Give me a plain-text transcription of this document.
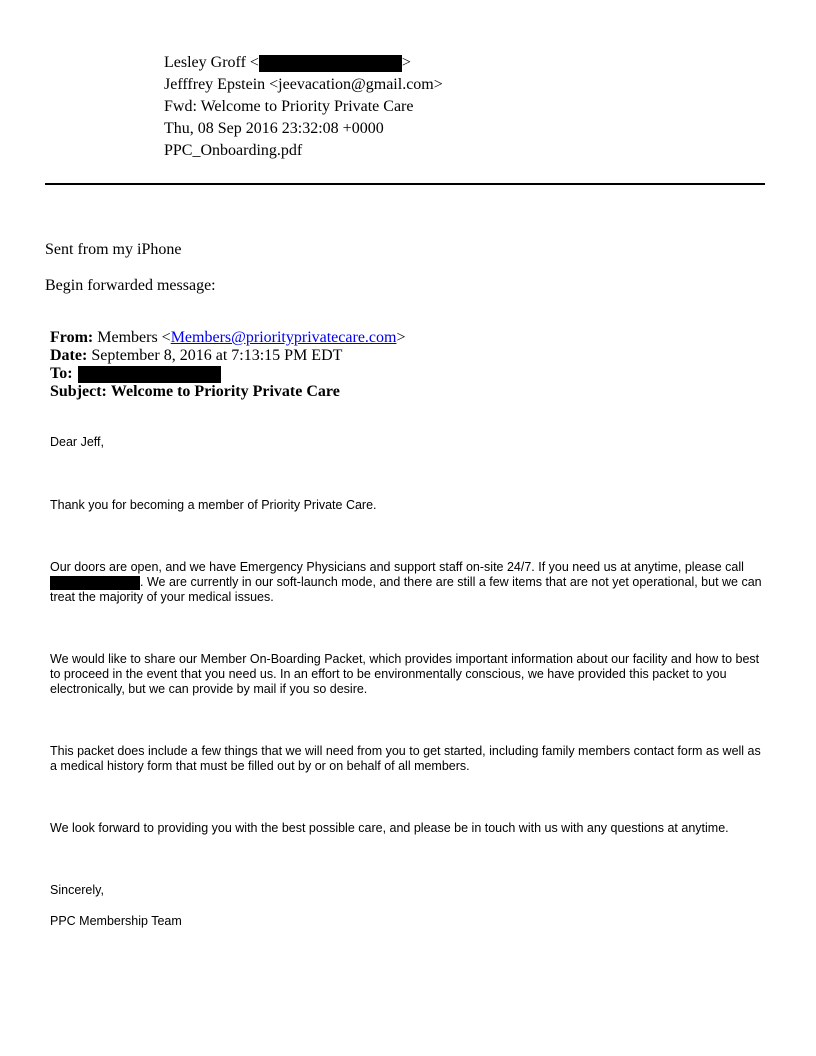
Lesley Groff <	>
Jefffrey Epstein <jeevacation@gmail.com>
Fwd: Welcome to Priority Private Care
Thu, 08 Sep 2016 23:32:08 +0000
PPC_Onboarding.pdf
Sent from my iPhone
Begin forwarded message:
From: Members <Members@priorityprivatecare.com>
Date: September 8, 2016 at 7:13:15 PM EDT
To:
Subject: Welcome to Priority Private Care
Dear Jeff,
Thank you for becoming a member of Priority Private Care.
Our doors are open, and we have Emergency Physicians and support staff on-site 24/7. If you need us at anytime, please call . We are currently in our soft-launch mode, and there are still a few items that are not yet operational, but we can treat the majority of your medical issues.
We would like to share our Member On-Boarding Packet, which provides important information about our facility and how to best to proceed in the event that you need us. In an effort to be environmentally conscious, we have provided this packet to you electronically, but we can provide by mail if you so desire.
This packet does include a few things that we will need from you to get started, including family members contact form as well as a medical history form that must be filled out by or on behalf of all members.
We look forward to providing you with the best possible care, and please be in touch with us with any questions at anytime.
Sincerely,
PPC Membership Team
